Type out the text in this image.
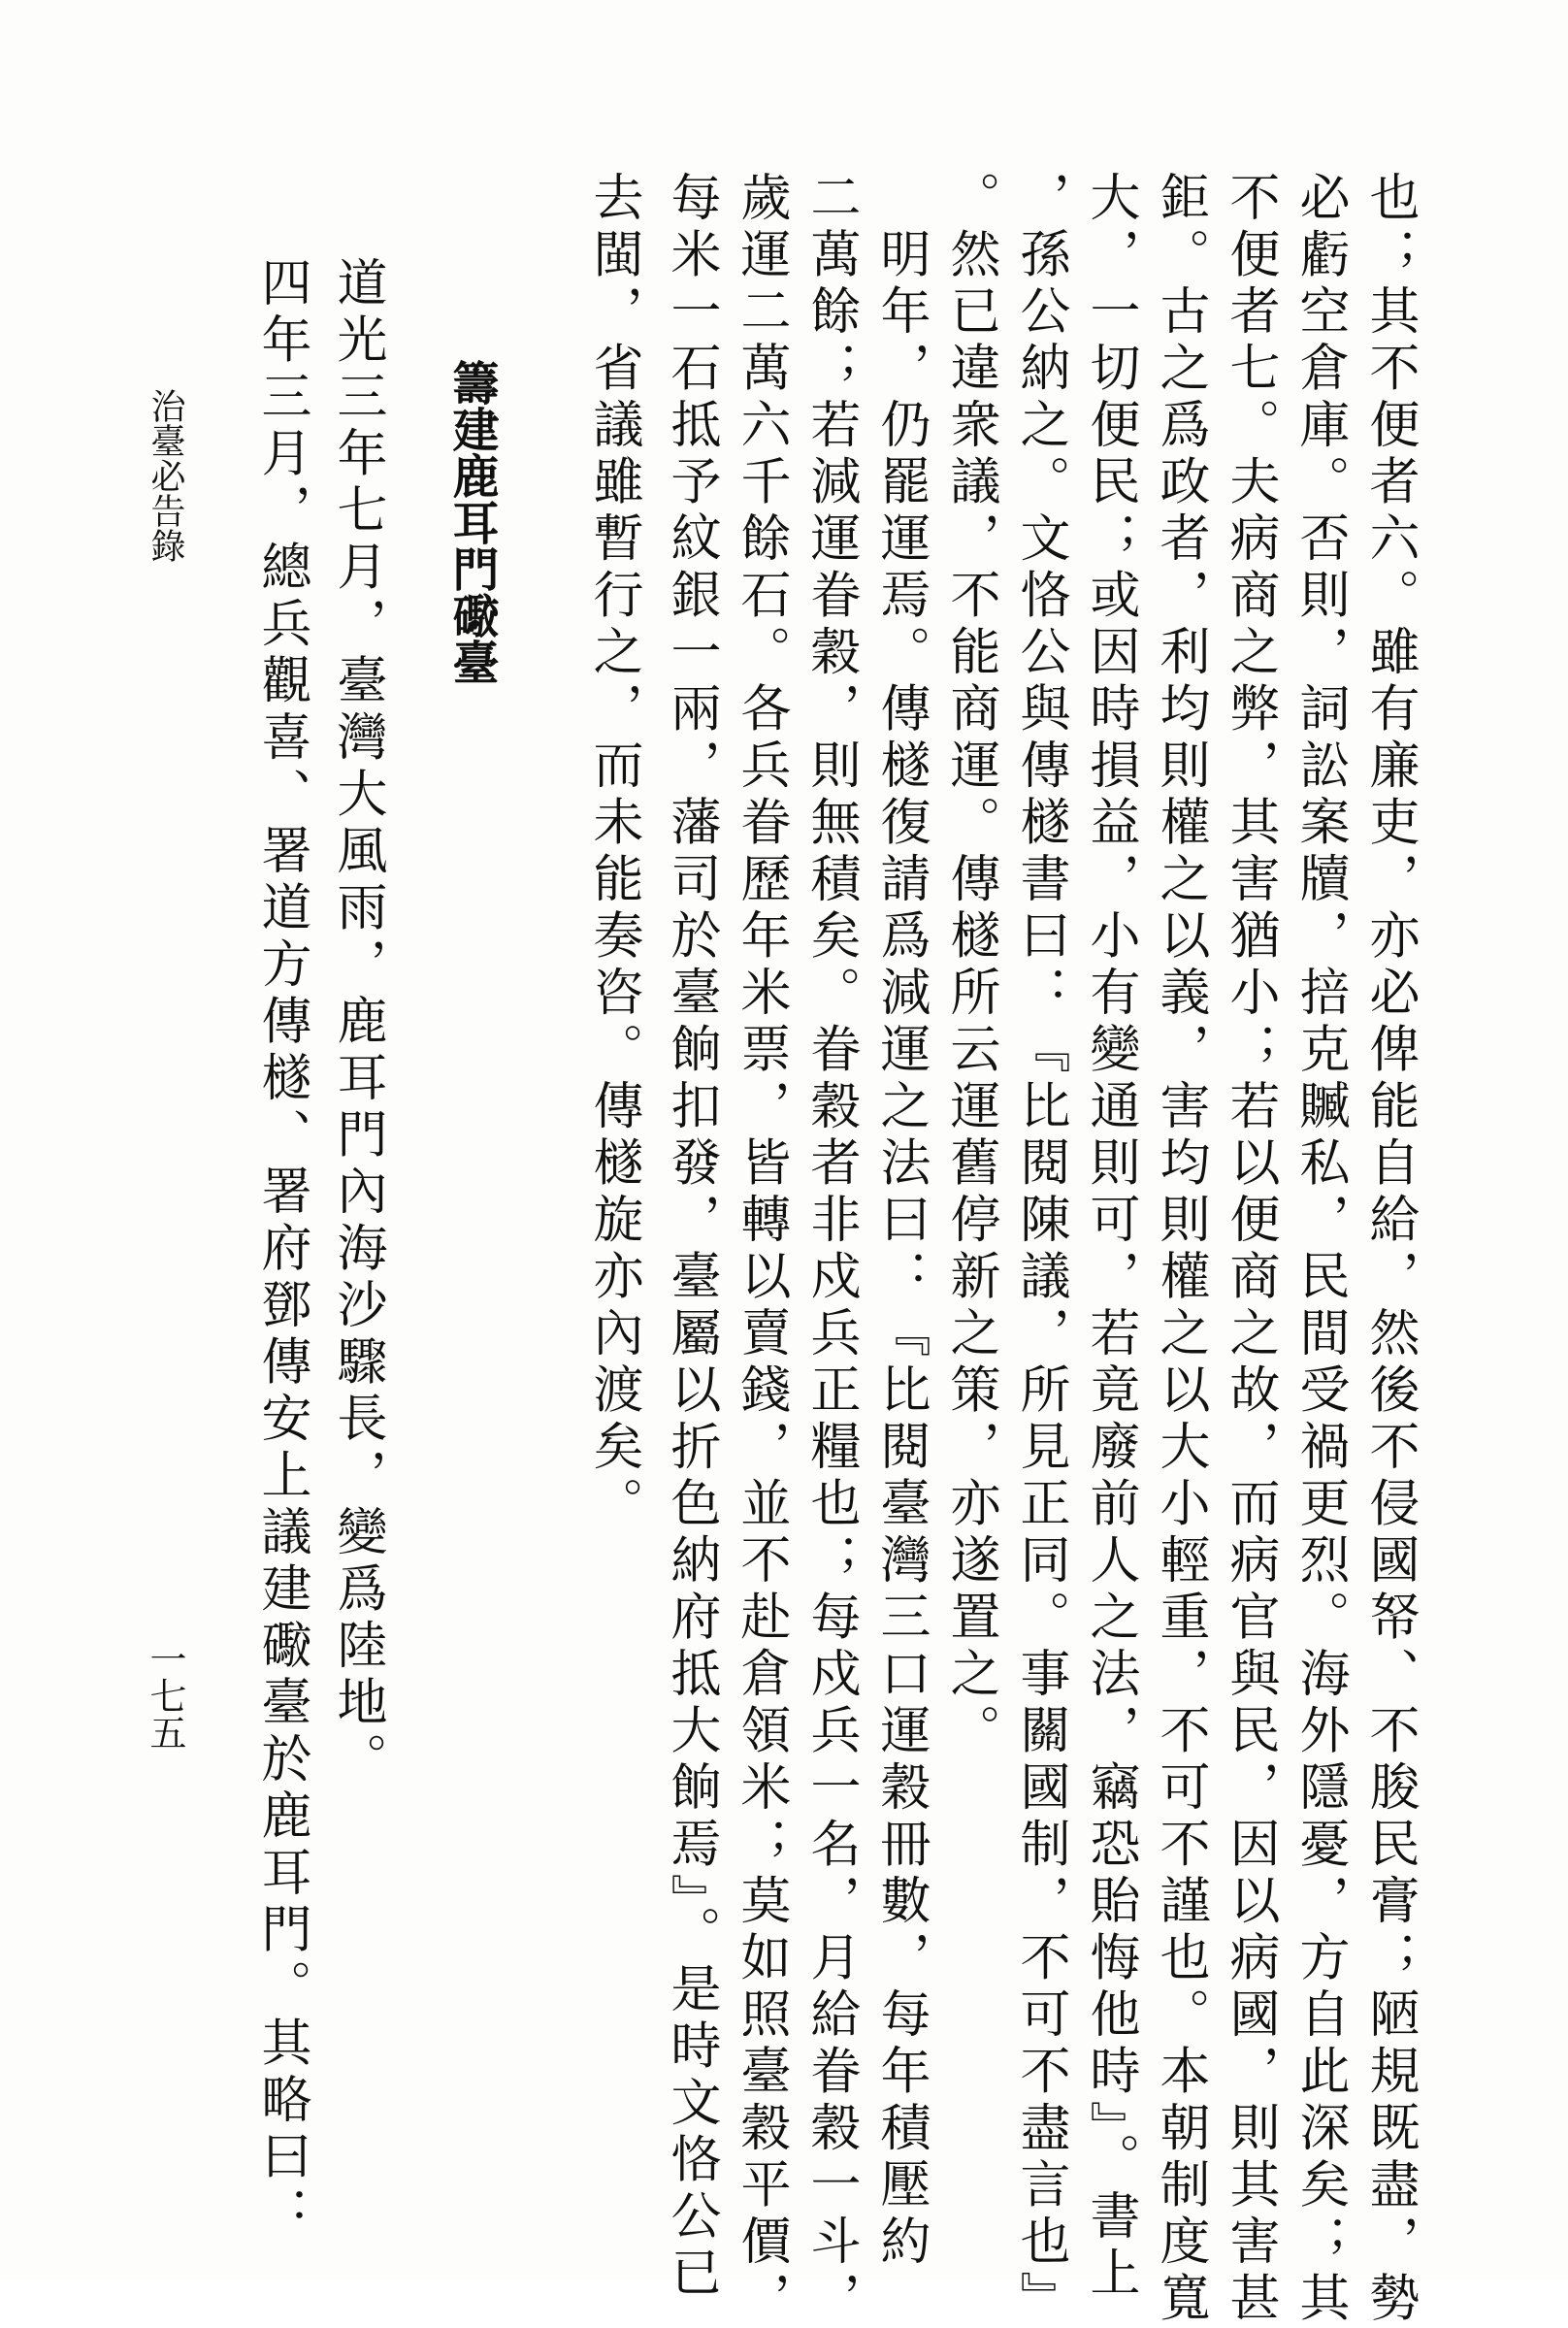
也；其不便者六。雖有廉吏，亦必俾能自給，然後不侵國帑、不朘民膏；陋規既盡，勢
必虧空倉庫。否則，詞訟案牘，掊克贓私，民間受禍更烈。海外隱憂，方自此深矣；其
不便者七。夫病商之弊，其害猶小；若以便商之故，而病官與民，因以病國，則其害甚
鉅。古之爲政者，利均則權之以義，害均則權之以大小輕重，不可不謹也。本朝制度寬
大，一切便民；或因時損益，小有變通則可，若竟廢前人之法，竊恐貽悔他時』。書上
，孫公納之。文恪公與傳檖書曰：『比閱陳議，所見正同。事關國制，不可不盡言也』
。然已違衆議，不能商運。傳檖所云運舊停新之策，亦遂置之。
　明年，仍罷運焉。傳檖復請爲減運之法曰：『比閱臺灣三口運穀冊數，每年積壓約
二萬餘；若減運眷穀，則無積矣。眷穀者非戍兵正糧也；每戍兵一名，月給眷穀一斗，
歲運二萬六千餘石。各兵眷歷年米票，皆轉以賣錢，並不赴倉領米；莫如照臺穀平價，
每米一石抵予紋銀一兩，藩司於臺餉扣發，臺屬以折色納府抵大餉焉』。是時文恪公已
去閩，省議雖暫行之，而未能奏咨。傳檖旋亦內渡矣。
籌建鹿耳門礮臺
道光三年七月，臺灣大風雨，鹿耳門內海沙驟長，變爲陸地。
四年三月，總兵觀喜、署道方傳檖、署府鄧傳安上議建礮臺於鹿耳門。其略曰：
治臺必告錄
一七五
